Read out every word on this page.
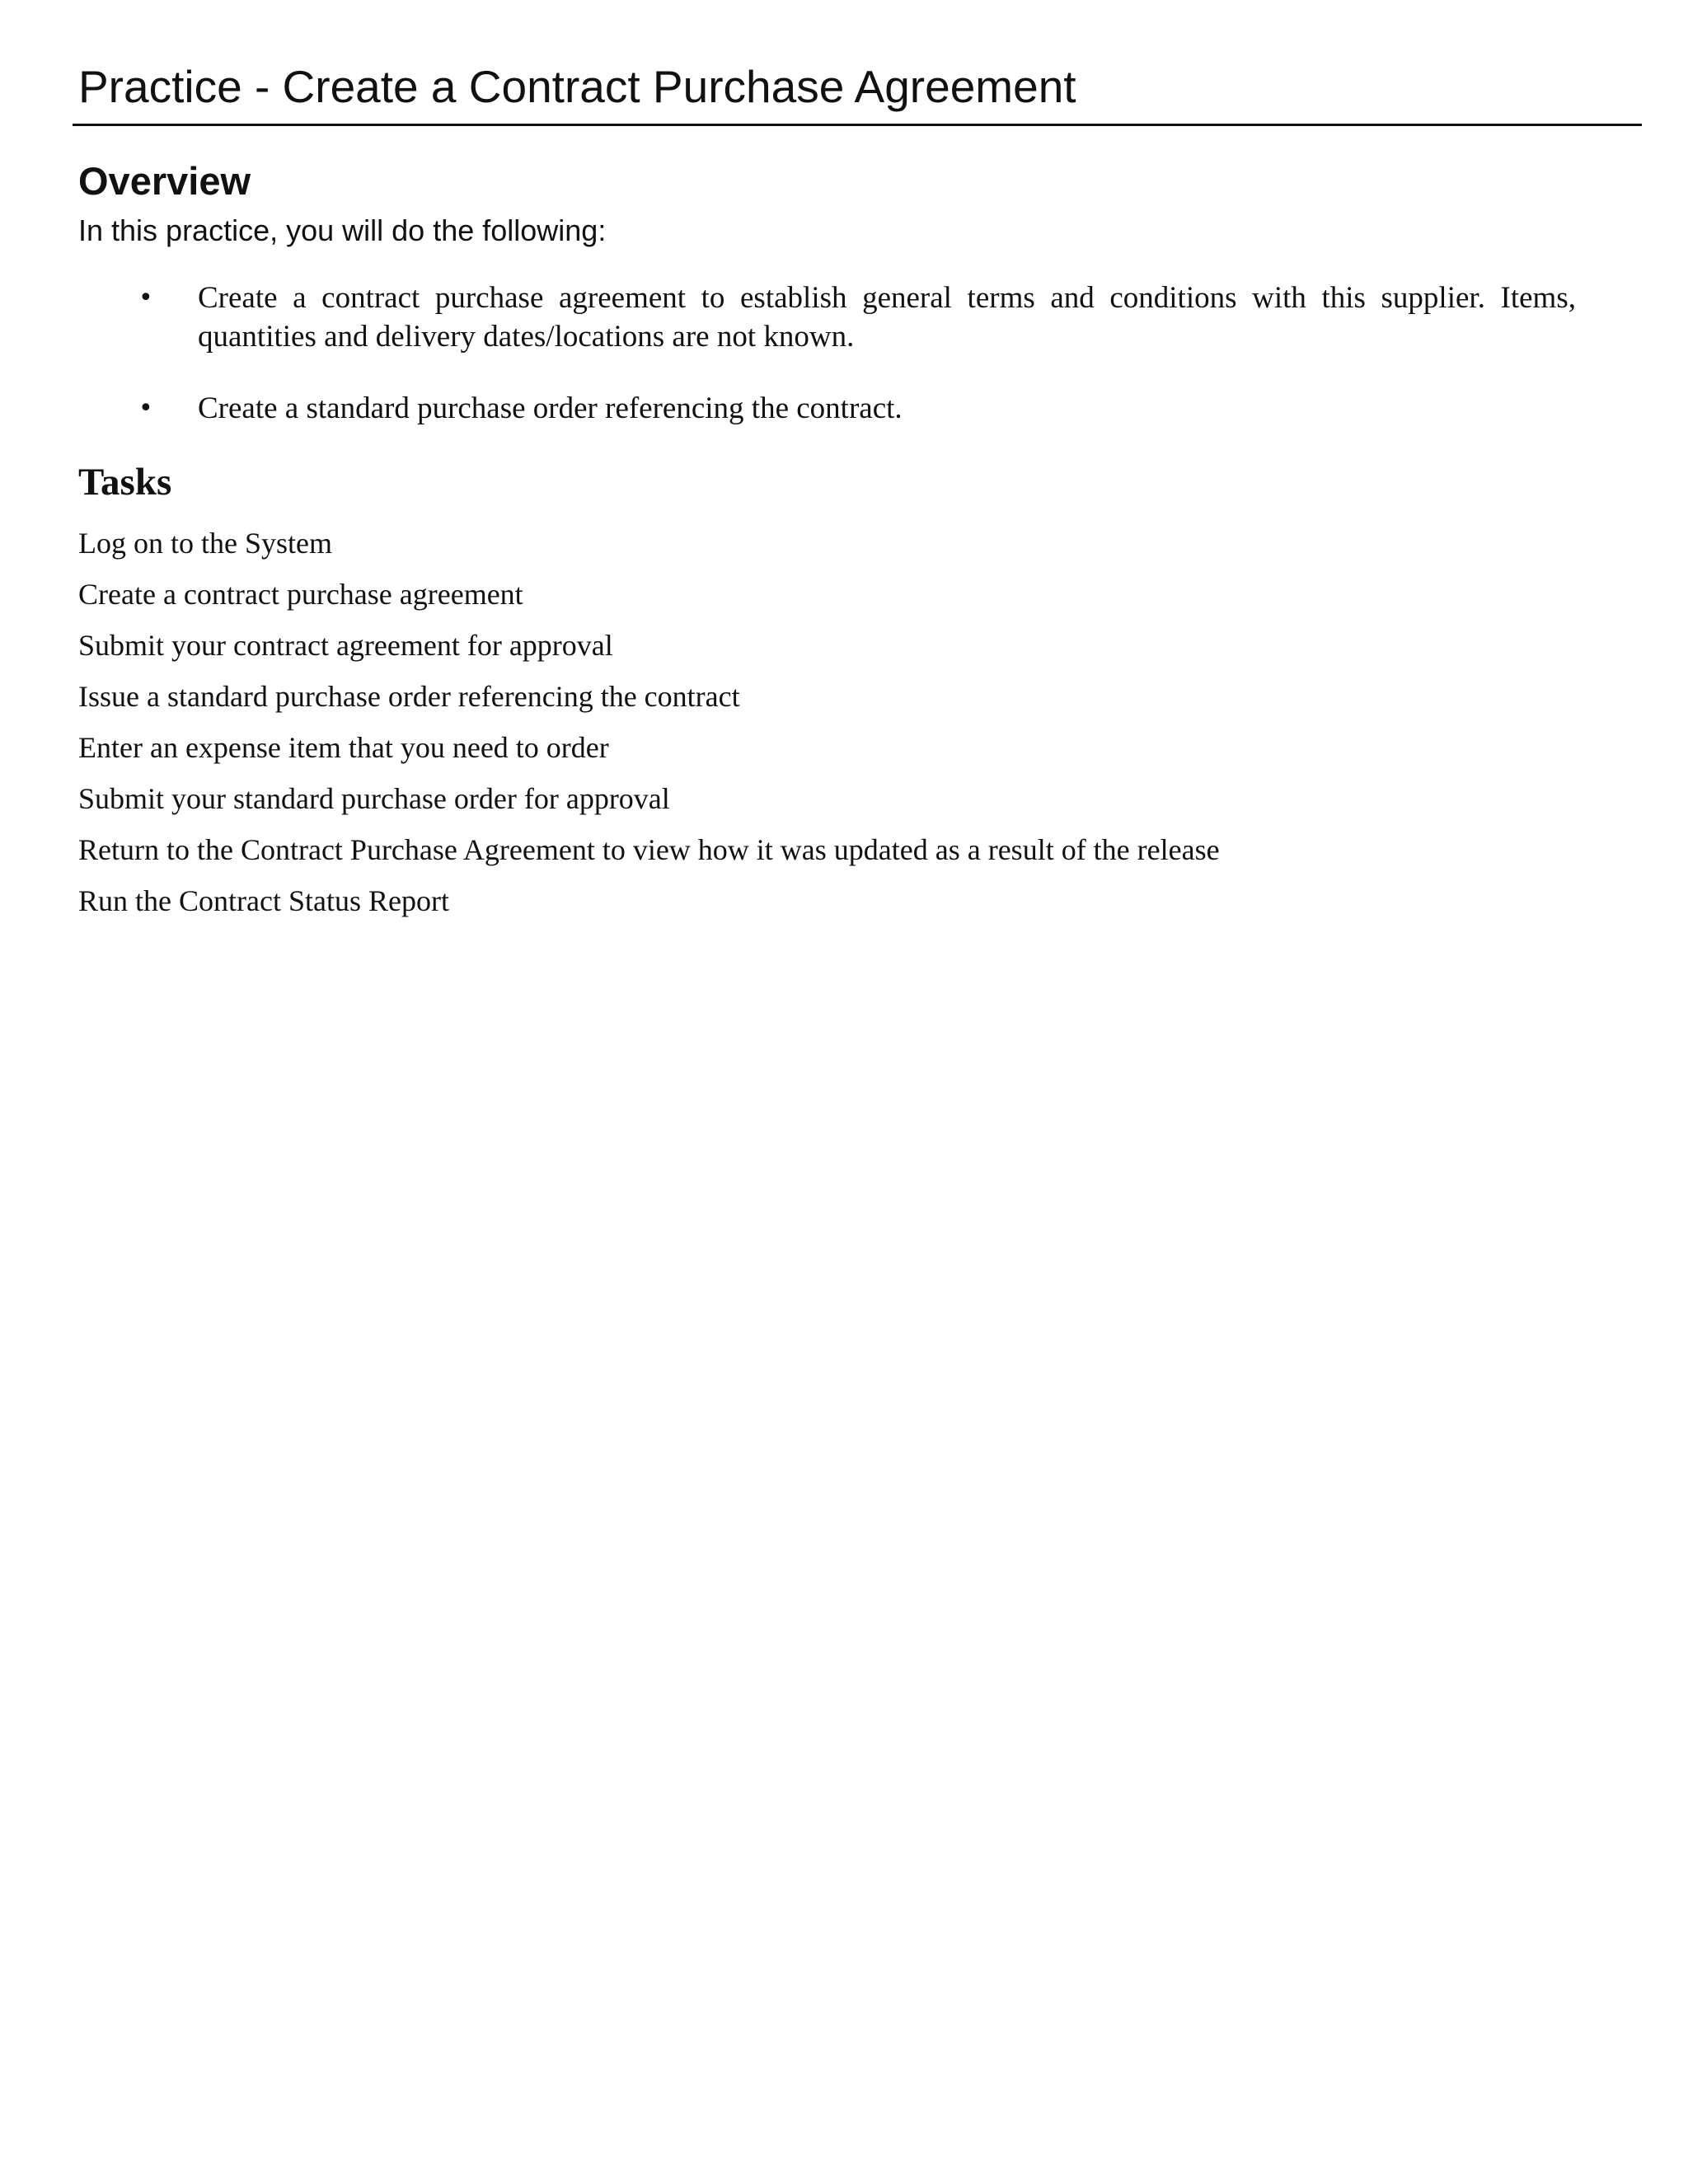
Practice - Create a Contract Purchase Agreement
Overview

In this practice, you will do the following:

• Create a contract purchase agreement to establish general terms and conditions with this supplier. Items, quantities and delivery dates/locations are not known.
• Create a standard purchase order referencing the contract.
Tasks
Log on to the System
Create a contract purchase agreement
Submit your contract agreement for approval
Issue a standard purchase order referencing the contract
Enter an expense item that you need to order
Submit your standard purchase order for approval
Return to the Contract Purchase Agreement to view how it was updated as a result of the release
Run the Contract Status Report
